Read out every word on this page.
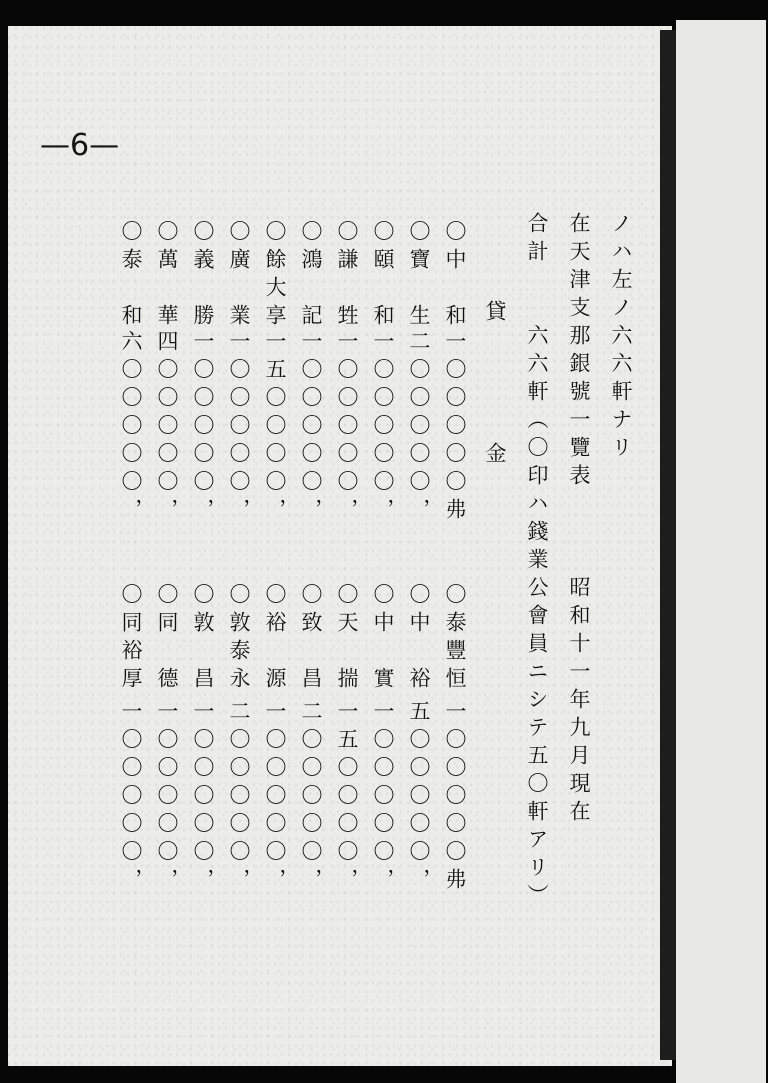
—6—
ノハ左ノ六六軒ナリ
在天津支那銀號一覽表　　　昭和十一年九月現在
合計　　六六軒（〇印ハ錢業公會員ニシテ五〇軒アリ）
貸
金
〇中　和
一〇〇〇〇〇弗
〇寶　生
二〇〇〇〇〇，
〇頤　和
一〇〇〇〇〇，
〇謙　甡
一〇〇〇〇〇，
〇鴻　記
一〇〇〇〇〇，
〇餘大享
一五〇〇〇〇，
〇廣　業
一〇〇〇〇〇，
〇義　勝
一〇〇〇〇〇，
〇萬　華
四〇〇〇〇〇，
〇泰　和
六〇〇〇〇〇，
〇泰豐恒
一〇〇〇〇〇弗
〇中　裕
五〇〇〇〇〇，
〇中　實
一〇〇〇〇〇，
〇天　揣
一五〇〇〇〇，
〇致　昌
二〇〇〇〇〇，
〇裕　源
一〇〇〇〇〇，
〇敦泰永
二〇〇〇〇〇，
〇敦　昌
一〇〇〇〇〇，
〇同　德
一〇〇〇〇〇，
〇同裕厚
一〇〇〇〇〇，
